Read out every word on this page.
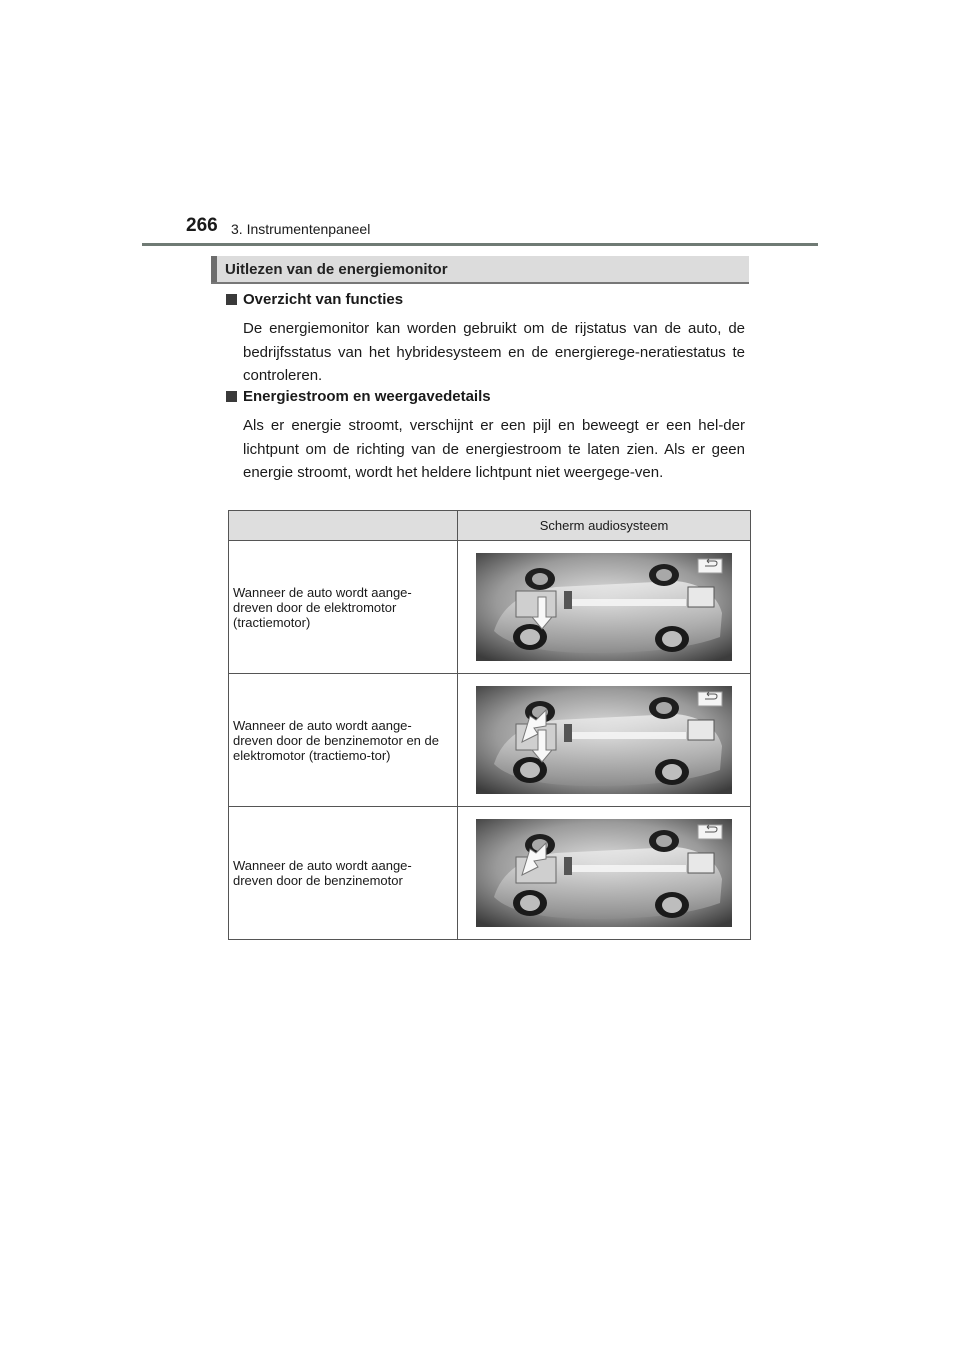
266 3. Instrumentenpaneel
Uitlezen van de energiemonitor
Overzicht van functies
De energiemonitor kan worden gebruikt om de rijstatus van de auto, de bedrijfsstatus van het hybridesysteem en de energierege-neratiestatus te controleren.
Energiestroom en weergavedetails
Als er energie stroomt, verschijnt er een pijl en beweegt er een hel-der lichtpunt om de richting van de energiestroom te laten zien. Als er geen energie stroomt, wordt het heldere lichtpunt niet weergege-ven.
	Scherm audiosysteem
Wanneer de auto wordt aange-dreven door de elektromotor (tractiemotor)	

Wanneer de auto wordt aange-dreven door de benzinemotor en de elektromotor (tractiemo-tor)	

Wanneer de auto wordt aange-dreven door de benzinemotor	
